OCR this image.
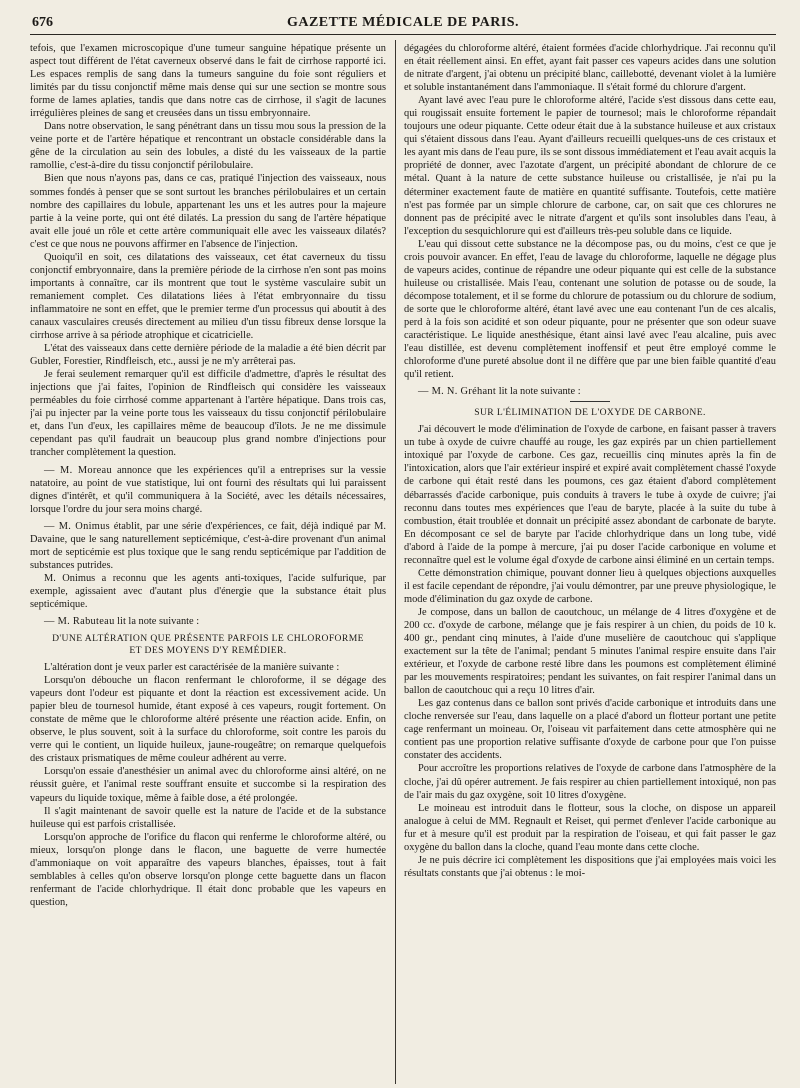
676	GAZETTE MÉDICALE DE PARIS.

tefois, que l'examen microscopique d'une tumeur sanguine hépatique présente un aspect tout différent de l'état caverneux observé dans le fait de cirrhose rapporté ici. Les espaces remplis de sang dans la tumeurs sanguine du foie sont réguliers et limités par du tissu conjonctif même mais dense qui sur une section se montre sous forme de lames aplaties, tandis que dans notre cas de cirrhose, il s'agit de lacunes irrégulières pleines de sang et creusées dans un tissu embryonnaire.

Dans notre observation, le sang pénétrant dans un tissu mou sous la pression de la veine porte et de l'artère hépatique et rencontrant un obstacle considérable dans la gêne de la circulation au sein des lobules, a disté du les vaisseaux de la partie ramollie, c'est-à-dire du tissu conjonctif périlobulaire.

Bien que nous n'ayons pas, dans ce cas, pratiqué l'injection des vaisseaux, nous sommes fondés à penser que se sont surtout les branches périlobulaires et un certain nombre des capillaires du lobule, appartenant les uns et les autres pour la majeure partie à la veine porte, qui ont été dilatés. La pression du sang de l'artère hépatique avait elle joué un rôle et cette artère communiquait elle avec les vaisseaux dilatés? c'est ce que nous ne pouvons affirmer en l'absence de l'injection.

Quoiqu'il en soit, ces dilatations des vaisseaux, cet état caverneux du tissu conjonctif embryonnaire, dans la première période de la cirrhose n'en sont pas moins importants à connaître, car ils montrent que tout le système vasculaire subit un remaniement complet. Ces dilatations liées à l'état embryonnaire du tissu inflammatoire ne sont en effet, que le premier terme d'un processus qui aboutit à des canaux vasculaires creusés directement au milieu d'un tissu fibreux dense lorsque la cirrhose arrive à sa période atrophique et cicatricielle.

L'état des vaisseaux dans cette dernière période de la maladie a été bien décrit par Gubler, Forestier, Rindfleisch, etc., aussi je ne m'y arrêterai pas.

Je ferai seulement remarquer qu'il est difficile d'admettre, d'après le résultat des injections que j'ai faites, l'opinion de Rindfleisch qui considère les vaisseaux perméables du foie cirrhosé comme appartenant à l'artère hépatique. Dans trois cas, j'ai pu injecter par la veine porte tous les vaisseaux du tissu conjonctif périlobulaire et, dans l'un d'eux, les capillaires même de beaucoup d'îlots. Je ne me dissimule cependant pas qu'il faudrait un beaucoup plus grand nombre d'injections pour trancher complètement la question.

— M. Moreau annonce que les expériences qu'il a entreprises sur la vessie natatoire, au point de vue statistique, lui ont fourni des résultats qui lui paraissent dignes d'intérêt, et qu'il communiquera à la Société, avec les détails nécessaires, lorsque l'ordre du jour sera moins chargé.

— M. Onimus établit, par une série d'expériences, ce fait, déjà indiqué par M. Davaine, que le sang naturellement septicémique, c'est-à-dire provenant d'un animal mort de septicémie est plus toxique que le sang rendu septicémique par l'addition de substances putrides.

M. Onimus a reconnu que les agents anti-toxiques, l'acide sulfurique, par exemple, agissaient avec d'autant plus d'énergie que la substance était plus septicémique.

— M. Rabuteau lit la note suivante :

D'UNE ALTÉRATION QUE PRÉSENTE PARFOIS LE CHLOROFORME
ET DES MOYENS D'Y REMÉDIER.

L'altération dont je veux parler est caractérisée de la manière suivante :

Lorsqu'on débouche un flacon renfermant le chloroforme, il se dégage des vapeurs dont l'odeur est piquante et dont la réaction est excessivement acide. Un papier bleu de tournesol humide, étant exposé à ces vapeurs, rougit fortement. On constate de même que le chloroforme altéré présente une réaction acide. Enfin, on observe, le plus souvent, soit à la surface du chloroforme, soit contre les parois du verre qui le contient, un liquide huileux, jaune-rougeâtre; on remarque quelquefois des cristaux prismatiques de même couleur adhérent au verre.

Lorsqu'on essaie d'anesthésier un animal avec du chloroforme ainsi altéré, on ne réussit guère, et l'animal reste souffrant ensuite et succombe si la respiration des vapeurs du liquide toxique, même à faible dose, a été prolongée.

Il s'agit maintenant de savoir quelle est la nature de l'acide et de la substance huileuse qui est parfois cristallisée.

Lorsqu'on approche de l'orifice du flacon qui renferme le chloroforme altéré, ou mieux, lorsqu'on plonge dans le flacon, une baguette de verre humectée d'ammoniaque on voit apparaître des vapeurs blanches, épaisses, tout à fait semblables à celles qu'on observe lorsqu'on plonge cette baguette dans un flacon renfermant de l'acide chlorhydrique. Il était donc probable que les vapeurs en question,

dégagées du chloroforme altéré, étaient formées d'acide chlorhydrique. J'ai reconnu qu'il en était réellement ainsi. En effet, ayant fait passer ces vapeurs acides dans une solution de nitrate d'argent, j'ai obtenu un précipité blanc, caillebotté, devenant violet à la lumière et soluble instantanément dans l'ammoniaque. Il s'était formé du chlorure d'argent.

Ayant lavé avec l'eau pure le chloroforme altéré, l'acide s'est dissous dans cette eau, qui rougissait ensuite fortement le papier de tournesol; mais le chloroforme répandait toujours une odeur piquante. Cette odeur était due à la substance huileuse et aux cristaux qui s'étaient dissous dans l'eau. Ayant d'ailleurs recueilli quelques-uns de ces cristaux et les ayant mis dans de l'eau pure, ils se sont dissous immédiatement et l'eau avait acquis la propriété de donner, avec l'azotate d'argent, un précipité abondant de chlorure de ce métal. Quant à la nature de cette substance huileuse ou cristallisée, je n'ai pu la déterminer exactement faute de matière en quantité suffisante. Toutefois, cette matière n'est pas formée par un simple chlorure de carbone, car, on sait que ces chlorures ne donnent pas de précipité avec le nitrate d'argent et qu'ils sont insolubles dans l'eau, à l'exception du sesquichlorure qui est d'ailleurs très-peu soluble dans ce liquide.

L'eau qui dissout cette substance ne la décompose pas, ou du moins, c'est ce que je crois pouvoir avancer. En effet, l'eau de lavage du chloroforme, laquelle ne dégage plus de vapeurs acides, continue de répandre une odeur piquante qui est celle de la substance huileuse ou cristallisée. Mais l'eau, contenant une solution de potasse ou de soude, la décompose totalement, et il se forme du chlorure de potassium ou du chlorure de sodium, de sorte que le chloroforme altéré, étant lavé avec une eau contenant l'un de ces alcalis, perd à la fois son acidité et son odeur piquante, pour ne présenter que son odeur suave caractéristique. Le liquide anesthésique, étant ainsi lavé avec l'eau alcaline, puis avec l'eau distillée, est devenu complètement inoffensif et peut être employé comme le chloroforme d'une pureté absolue dont il ne diffère que par une bien faible quantité d'eau qu'il retient.

— M. N. Gréhant lit la note suivante :

SUR L'ÉLIMINATION DE L'OXYDE DE CARBONE.

J'ai découvert le mode d'élimination de l'oxyde de carbone, en faisant passer à travers un tube à oxyde de cuivre chauffé au rouge, les gaz expirés par un chien partiellement intoxiqué par l'oxyde de carbone. Ces gaz, recueillis cinq minutes après la fin de l'intoxication, alors que l'air extérieur inspiré et expiré avait complètement chassé l'oxyde de carbone qui était resté dans les poumons, ces gaz étaient d'abord complètement débarrassés d'acide carbonique, puis conduits à travers le tube à oxyde de cuivre; j'ai reconnu dans toutes mes expériences que l'eau de baryte, placée à la suite du tube à combustion, était troublée et donnait un précipité assez abondant de carbonate de baryte. En décomposant ce sel de baryte par l'acide chlorhydrique dans un long tube, vidé d'abord à l'aide de la pompe à mercure, j'ai pu doser l'acide carbonique en volume et reconnaître quel est le volume égal d'oxyde de carbone ainsi éliminé en un certain temps.

Cette démonstration chimique, pouvant donner lieu à quelques objections auxquelles il est facile cependant de répondre, j'ai voulu démontrer, par une preuve physiologique, le mode d'élimination du gaz oxyde de carbone.

Je compose, dans un ballon de caoutchouc, un mélange de 4 litres d'oxygène et de 200 cc. d'oxyde de carbone, mélange que je fais respirer à un chien, du poids de 10 k. 400 gr., pendant cinq minutes, à l'aide d'une muselière de caoutchouc qui s'applique exactement sur la tête de l'animal; pendant 5 minutes l'animal respire ensuite dans l'air extérieur, et l'oxyde de carbone resté libre dans les poumons est complètement éliminé par les mouvements respiratoires; pendant les suivantes, on fait respirer l'animal dans un ballon de caoutchouc qui a reçu 10 litres d'air.

Les gaz contenus dans ce ballon sont privés d'acide carbonique et introduits dans une cloche renversée sur l'eau, dans laquelle on a placé d'abord un flotteur portant une petite cage renfermant un moineau. Or, l'oiseau vit parfaitement dans cette atmosphère qui ne contient pas une proportion relative suffisante d'oxyde de carbone pour que l'on puisse constater des accidents.

Pour accroître les proportions relatives de l'oxyde de carbone dans l'atmosphère de la cloche, j'ai dû opérer autrement. Je fais respirer au chien partiellement intoxiqué, non pas de l'air mais du gaz oxygène, soit 10 litres d'oxygène.

Le moineau est introduit dans le flotteur, sous la cloche, on dispose un appareil analogue à celui de MM. Regnault et Reiset, qui permet d'enlever l'acide carbonique au fur et à mesure qu'il est produit par la respiration de l'oiseau, et qui fait passer le gaz oxygène du ballon dans la cloche, quand l'eau monte dans cette cloche.

Je ne puis décrire ici complètement les dispositions que j'ai employées mais voici les résultats constants que j'ai obtenus : le moi-
